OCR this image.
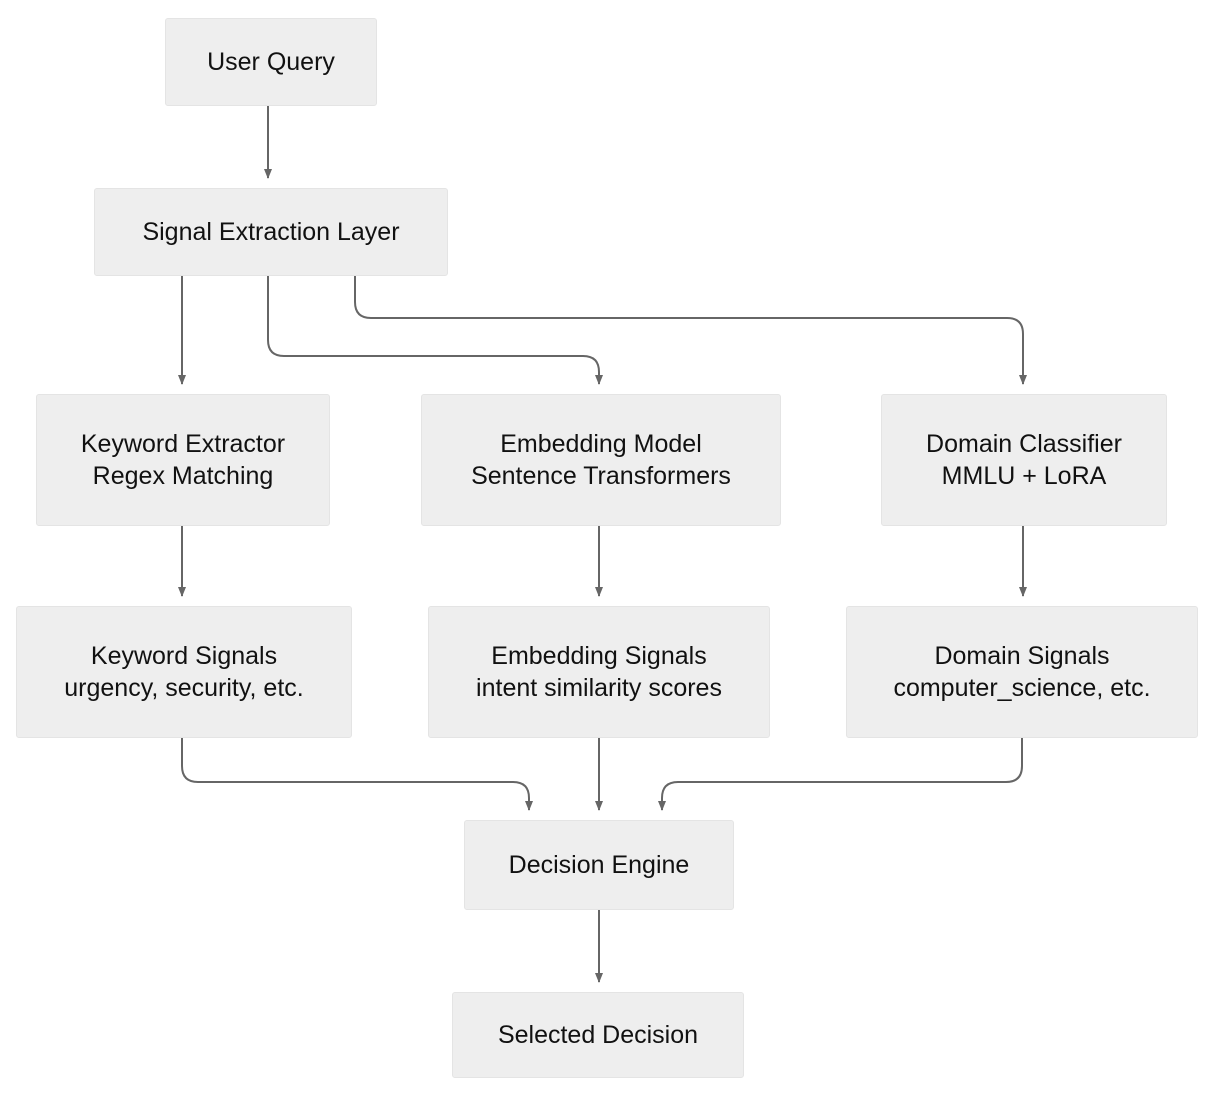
User Query
Signal Extraction Layer
Keyword Extractor
Regex Matching
Embedding Model
Sentence Transformers
Domain Classifier
MMLU + LoRA
Keyword Signals
urgency, security, etc.
Embedding Signals
intent similarity scores
Domain Signals
computer_science, etc.
Decision Engine
Selected Decision
